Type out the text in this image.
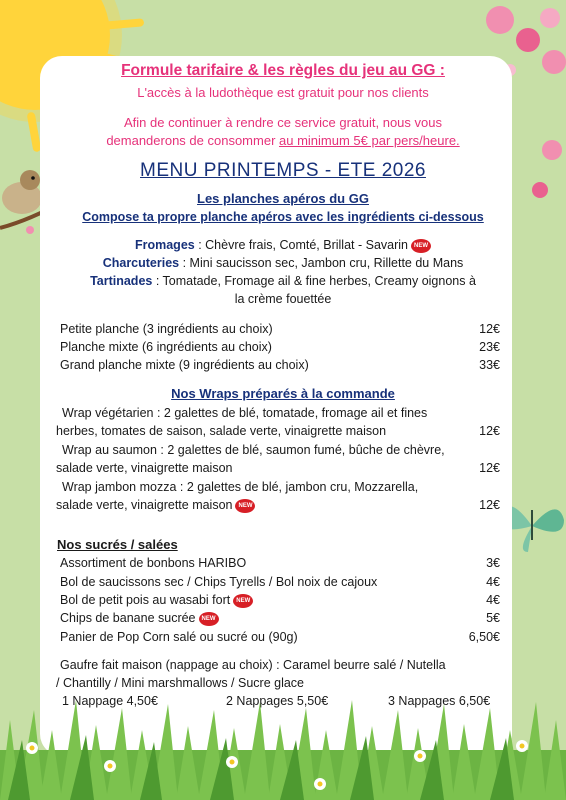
Formule tarifaire & les règles du jeu au GG :
L'accès à la ludothèque est gratuit pour nos clients
Afin de continuer à rendre ce service gratuit, nous vous
demanderons de consommer au minimum 5€ par pers/heure.
MENU PRINTEMPS - ETE 2026
Les planches apéros du GG
Compose ta propre planche apéros avec les ingrédients ci-dessous
Fromages : Chèvre frais, Comté, Brillat - Savarin NEW
Charcuteries : Mini saucisson sec, Jambon cru, Rillette du Mans
Tartinades : Tomatade, Fromage ail & fine herbes, Creamy oignons à
la crème fouettée
Petite planche (3 ingrédients au choix)	12€
Planche mixte (6 ingrédients au choix)	23€
Grand planche mixte (9 ingrédients au choix)	33€
Nos Wraps préparés à la commande
Wrap végétarien : 2 galettes de blé, tomatade, fromage ail et fines
herbes, tomates de saison, salade verte, vinaigrette maison	12€
Wrap au saumon : 2 galettes de blé, saumon fumé, bûche de chèvre,
salade verte, vinaigrette maison	12€
Wrap jambon mozza : 2 galettes de blé, jambon cru, Mozzarella,
salade verte, vinaigrette maison NEW	12€
Nos sucrés / salées
Assortiment de bonbons HARIBO	3€
Bol de saucissons sec / Chips Tyrells / Bol noix de cajoux	4€
Bol de petit pois au wasabi fort NEW	4€
Chips de banane sucrée NEW	5€
Panier de Pop Corn salé ou sucré ou (90g)	6,50€
Gaufre fait maison (nappage au choix) : Caramel beurre salé / Nutella
/ Chantilly / Mini marshmallows / Sucre glace
1 Nappage 4,50€	2 Nappages 5,50€	3 Nappages 6,50€
